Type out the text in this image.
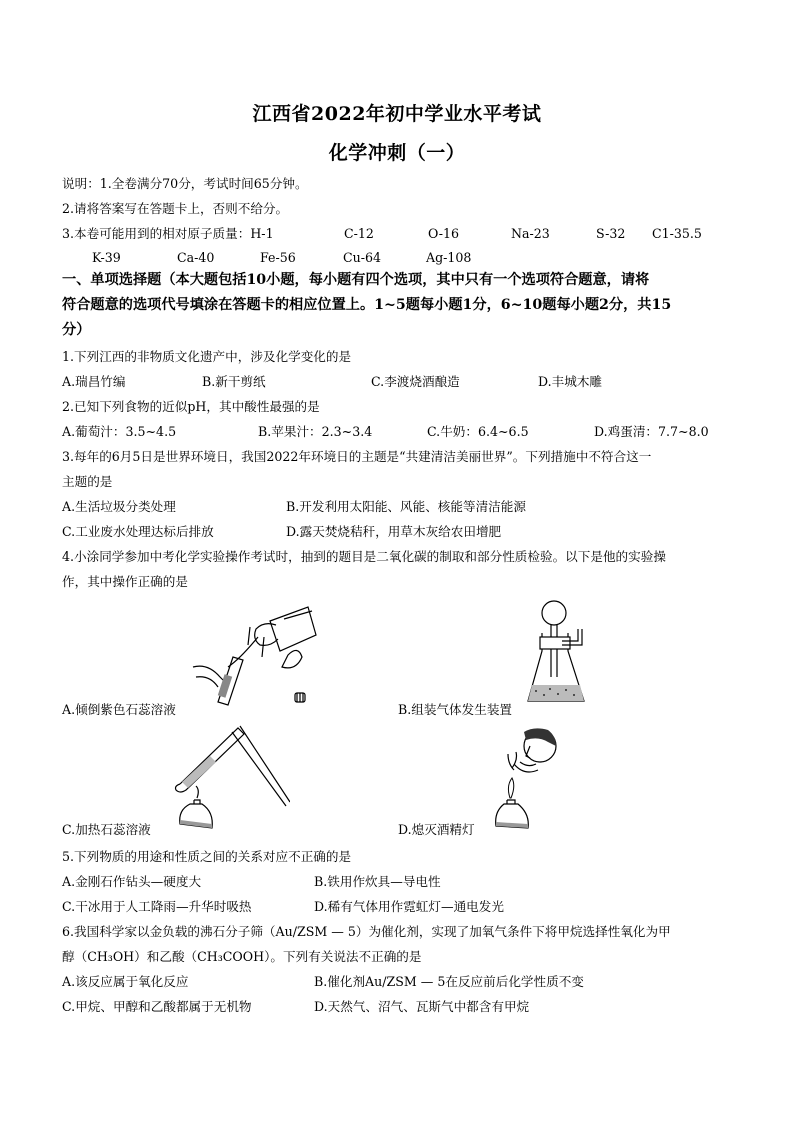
江西省2022年初中学业水平考试
化学冲刺（一）
说明：1.全卷满分70分，考试时间65分钟。
2.请将答案写在答题卡上，否则不给分。
3.本卷可能用到的相对原子质量：H-1	C-12	O-16	Na-23	S-32 C1-35.5
K-39	Ca-40	Fe-56	Cu-64	Ag-108
一、单项选择题（本大题包括10小题，每小题有四个选项，其中只有一个选项符合题意，请将
符合题意的选项代号填涂在答题卡的相应位置上。1~5题每小题1分，6~10题每小题2分，共15
分）
1.下列江西的非物质文化遗产中，涉及化学变化的是
A.瑞昌竹编	B.新干剪纸	C.李渡烧酒酿造	D.丰城木雕
2.已知下列食物的近似pH，其中酸性最强的是
A.葡萄汁：3.5~4.5	B.苹果汁：2.3~3.4	C.牛奶：6.4~6.5	D.鸡蛋清：7.7~8.0
3.每年的6月5日是世界环境日，我国2022年环境日的主题是“共建清洁美丽世界”。下列措施中不符合这一
主题的是
A.生活垃圾分类处理	B.开发利用太阳能、风能、核能等清洁能源
C.工业废水处理达标后排放	D.露天焚烧秸秆，用草木灰给农田增肥
4.小涂同学参加中考化学实验操作考试时，抽到的题目是二氧化碳的制取和部分性质检验。以下是他的实验操
作，其中操作正确的是
A.倾倒紫色石蕊溶液	B.组装气体发生装置
C.加热石蕊溶液	D.熄灭酒精灯
5.下列物质的用途和性质之间的关系对应不正确的是
A.金刚石作钻头—硬度大	B.铁用作炊具—导电性
C.干冰用于人工降雨—升华时吸热	D.稀有气体用作霓虹灯—通电发光
6.我国科学家以金负载的沸石分子筛（Au/ZSM — 5）为催化剂，实现了加氧气条件下将甲烷选择性氧化为甲
醇（CH₃OH）和乙酸（CH₃COOH）。下列有关说法不正确的是
A.该反应属于氧化反应	B.催化剂Au/ZSM — 5在反应前后化学性质不变
C.甲烷、甲醇和乙酸都属于无机物	D.天然气、沼气、瓦斯气中都含有甲烷
